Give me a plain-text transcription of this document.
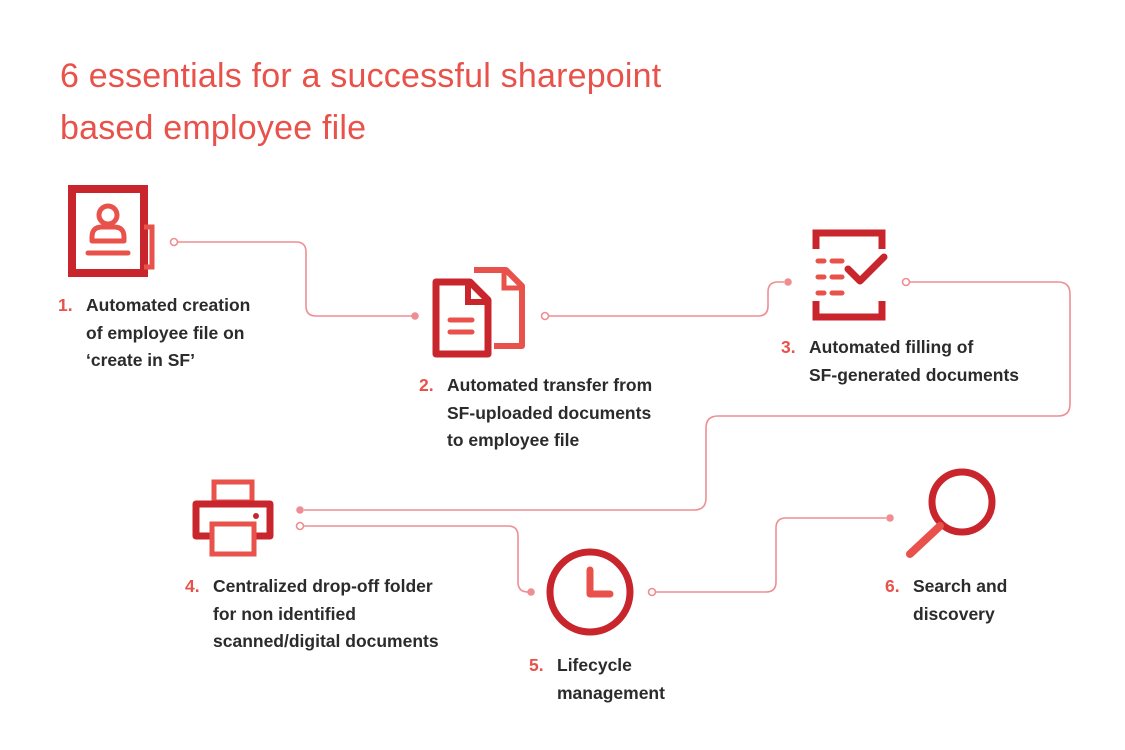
6 essentials for a successful sharepoint
based employee file
1. Automated creation
of employee file on
‘create in SF’
2. Automated transfer from
SF-uploaded documents
to employee file
3. Automated filling of
SF-generated documents
4. Centralized drop-off folder
for non identified
scanned/digital documents
5. Lifecycle
management
6. Search and
discovery
